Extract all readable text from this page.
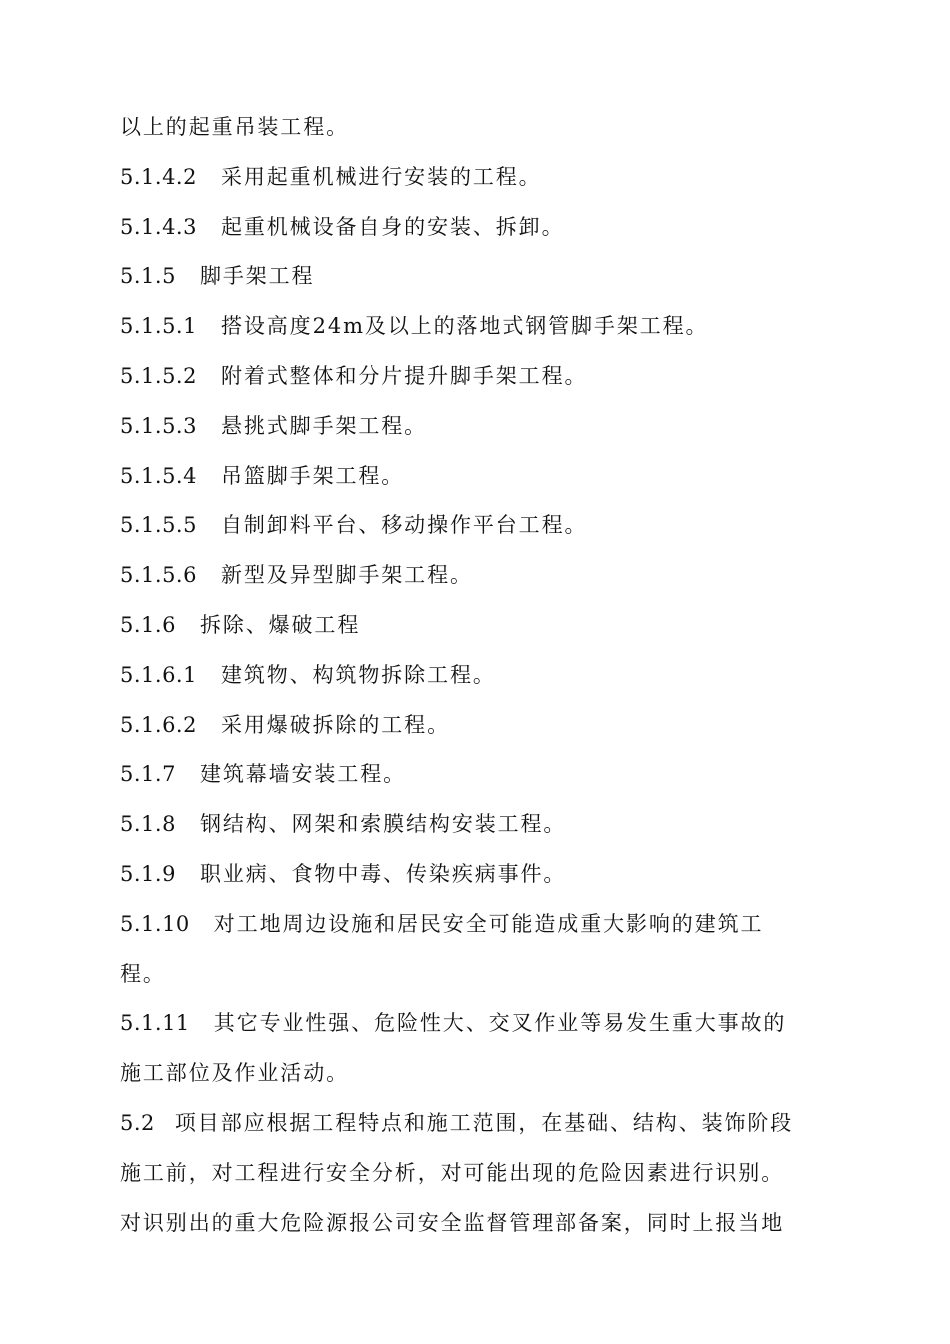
以上的起重吊装工程。
5.1.4.2 采用起重机械进行安装的工程。
5.1.4.3 起重机械设备自身的安装、拆卸。
5.1.5 脚手架工程
5.1.5.1 搭设高度24m及以上的落地式钢管脚手架工程。
5.1.5.2 附着式整体和分片提升脚手架工程。
5.1.5.3 悬挑式脚手架工程。
5.1.5.4 吊篮脚手架工程。
5.1.5.5 自制卸料平台、移动操作平台工程。
5.1.5.6 新型及异型脚手架工程。
5.1.6 拆除、爆破工程
5.1.6.1 建筑物、构筑物拆除工程。
5.1.6.2 采用爆破拆除的工程。
5.1.7 建筑幕墙安装工程。
5.1.8 钢结构、网架和索膜结构安装工程。
5.1.9 职业病、食物中毒、传染疾病事件。
5.1.10 对工地周边设施和居民安全可能造成重大影响的建筑工
程。
5.1.11 其它专业性强、危险性大、交叉作业等易发生重大事故的
施工部位及作业活动。
5.2 项目部应根据工程特点和施工范围，在基础、结构、装饰阶段
施工前，对工程进行安全分析，对可能出现的危险因素进行识别。
对识别出的重大危险源报公司安全监督管理部备案，同时上报当地
